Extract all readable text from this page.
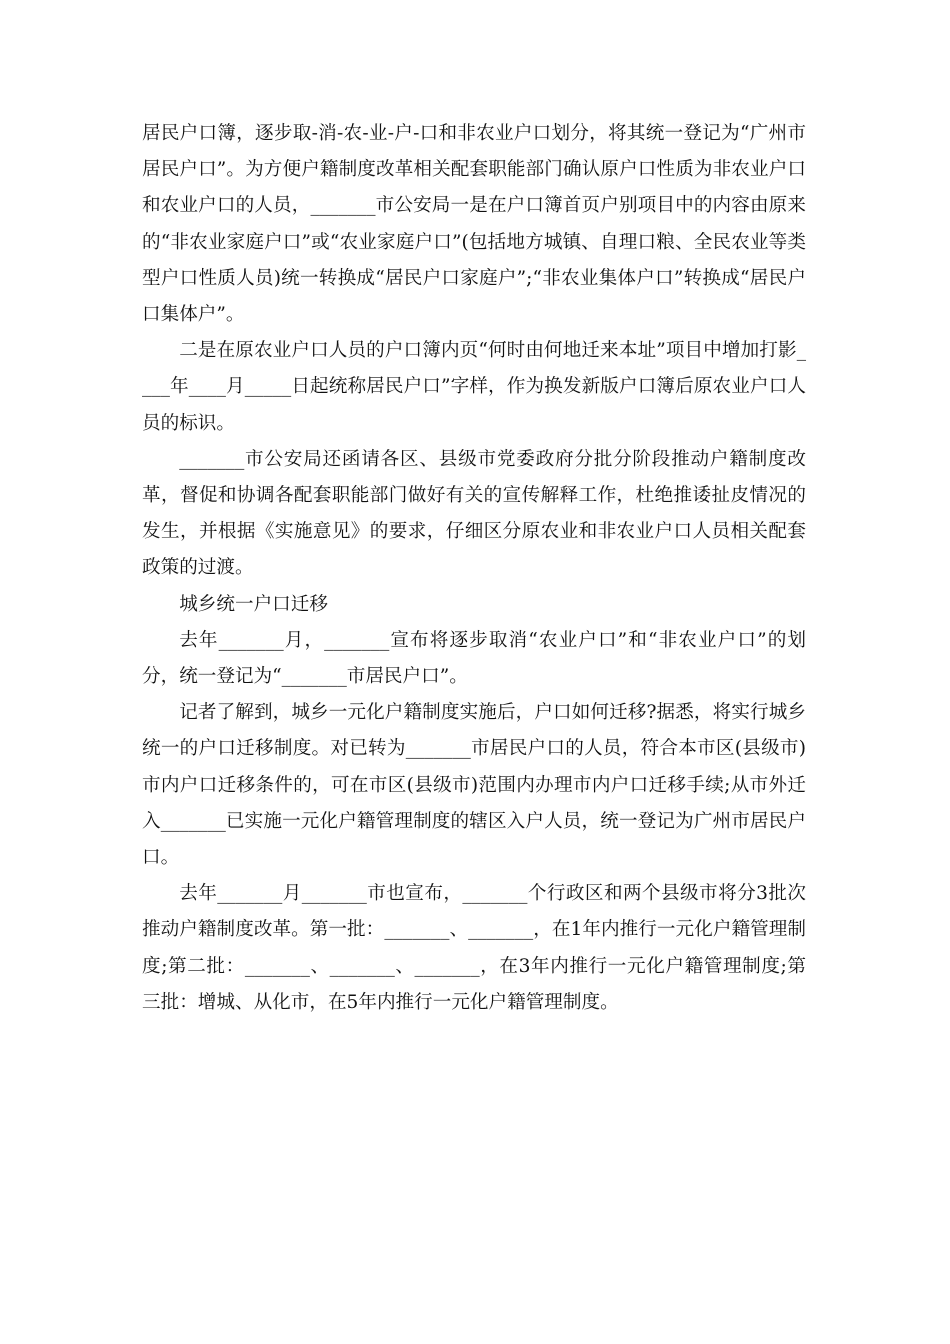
居民户口簿，逐步取-消-农-业-户-口和非农业户口划分，将其统一登记为“广州市居民户口”。为方便户籍制度改革相关配套职能部门确认原户口性质为非农业户口和农业户口的人员，_______市公安局一是在户口簿首页户别项目中的内容由原来的“非农业家庭户口”或“农业家庭户口”(包括地方城镇、自理口粮、全民农业等类型户口性质人员)统一转换成“居民户口家庭户”;“非农业集体户口”转换成“居民户口集体户”。

二是在原农业户口人员的户口簿内页“何时由何地迁来本址”项目中增加打影____年____月_____日起统称居民户口”字样，作为换发新版户口簿后原农业户口人员的标识。

_______市公安局还函请各区、县级市党委政府分批分阶段推动户籍制度改革，督促和协调各配套职能部门做好有关的宣传解释工作，杜绝推诿扯皮情况的发生，并根据《实施意见》的要求，仔细区分原农业和非农业户口人员相关配套政策的过渡。

城乡统一户口迁移

去年_______月，_______宣布将逐步取消“农业户口”和“非农业户口”的划分，统一登记为“_______市居民户口”。

记者了解到，城乡一元化户籍制度实施后，户口如何迁移?据悉，将实行城乡统一的户口迁移制度。对已转为_______市居民户口的人员，符合本市区(县级市)市内户口迁移条件的，可在市区(县级市)范围内办理市内户口迁移手续;从市外迁入_______已实施一元化户籍管理制度的辖区入户人员，统一登记为广州市居民户口。

去年_______月_______市也宣布，_______个行政区和两个县级市将分3批次推动户籍制度改革。第一批：_______、_______，在1年内推行一元化户籍管理制度;第二批：_______、_______、_______，在3年内推行一元化户籍管理制度;第三批：增城、从化市，在5年内推行一元化户籍管理制度。
